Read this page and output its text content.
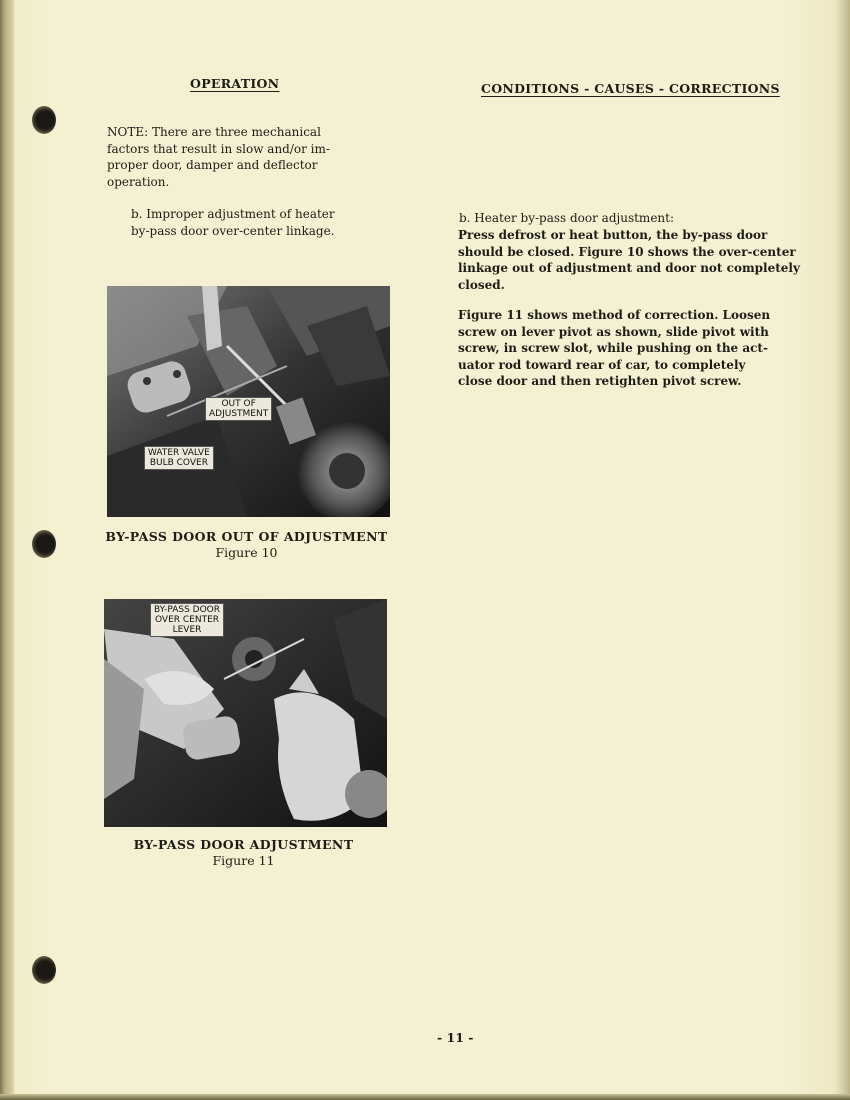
OPERATION	CONDITIONS - CAUSES - CORRECTIONS

NOTE: There are three mechanical
factors that result in slow and/or im-
proper door, damper and deflector
operation.

b. Improper adjustment of heater
by-pass door over-center linkage.

b. Heater by-pass door adjustment:

Press defrost or heat button, the by-pass door
should be closed. Figure 10 shows the over-center
linkage out of adjustment and door not completely
closed.

Figure 11 shows method of correction. Loosen
screw on lever pivot as shown, slide pivot with
screw, in screw slot, while pushing on the act-
uator rod toward rear of car, to completely
close door and then retighten pivot screw.

OUT OF
ADJUSTMENT
WATER VALVE
BULB COVER
BY-PASS DOOR OUT OF ADJUSTMENT
Figure 10
BY-PASS DOOR
OVER CENTER
LEVER
BY-PASS DOOR ADJUSTMENT
Figure 11
- 11 -
